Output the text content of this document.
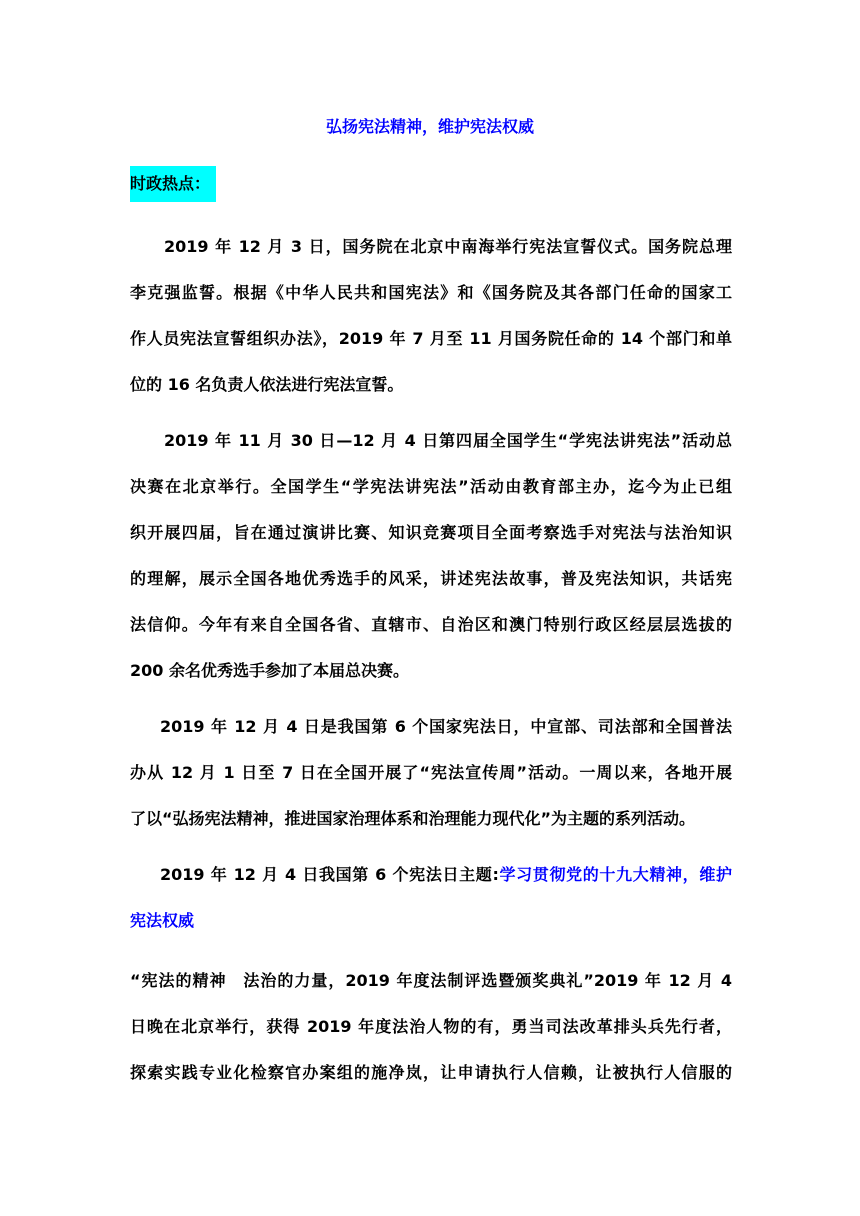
弘扬宪法精神，维护宪法权威
时政热点：

2019 年 12 月 3 日，国务院在北京中南海举行宪法宣誓仪式。国务院总理
李克强监誓。根据《中华人民共和国宪法》和《国务院及其各部门任命的国家工
作人员宪法宣誓组织办法》，2019 年 7 月至 11 月国务院任命的 14 个部门和单
位的 16 名负责人依法进行宪法宣誓。

2019 年 11 月 30 日—12 月 4 日第四届全国学生“学宪法讲宪法”活动总
决赛在北京举行。全国学生“学宪法讲宪法”活动由教育部主办，迄今为止已组
织开展四届，旨在通过演讲比赛、知识竞赛项目全面考察选手对宪法与法治知识
的理解，展示全国各地优秀选手的风采，讲述宪法故事，普及宪法知识，共话宪
法信仰。今年有来自全国各省、直辖市、自治区和澳门特别行政区经层层选拔的
200 余名优秀选手参加了本届总决赛。

2019 年 12 月 4 日是我国第 6 个国家宪法日，中宣部、司法部和全国普法
办从 12 月 1 日至 7 日在全国开展了“宪法宣传周”活动。一周以来，各地开展
了以“弘扬宪法精神，推进国家治理体系和治理能力现代化”为主题的系列活动。

2019 年 12 月 4 日我国第 6 个宪法日主题:学习贯彻党的十九大精神，维护
宪法权威

“宪法的精神　法治的力量，2019 年度法制评选暨颁奖典礼”2019 年 12 月 4
日晚在北京举行，获得 2019 年度法治人物的有，勇当司法改革排头兵先行者，
探索实践专业化检察官办案组的施净岚，让申请执行人信赖，让被执行人信服的
